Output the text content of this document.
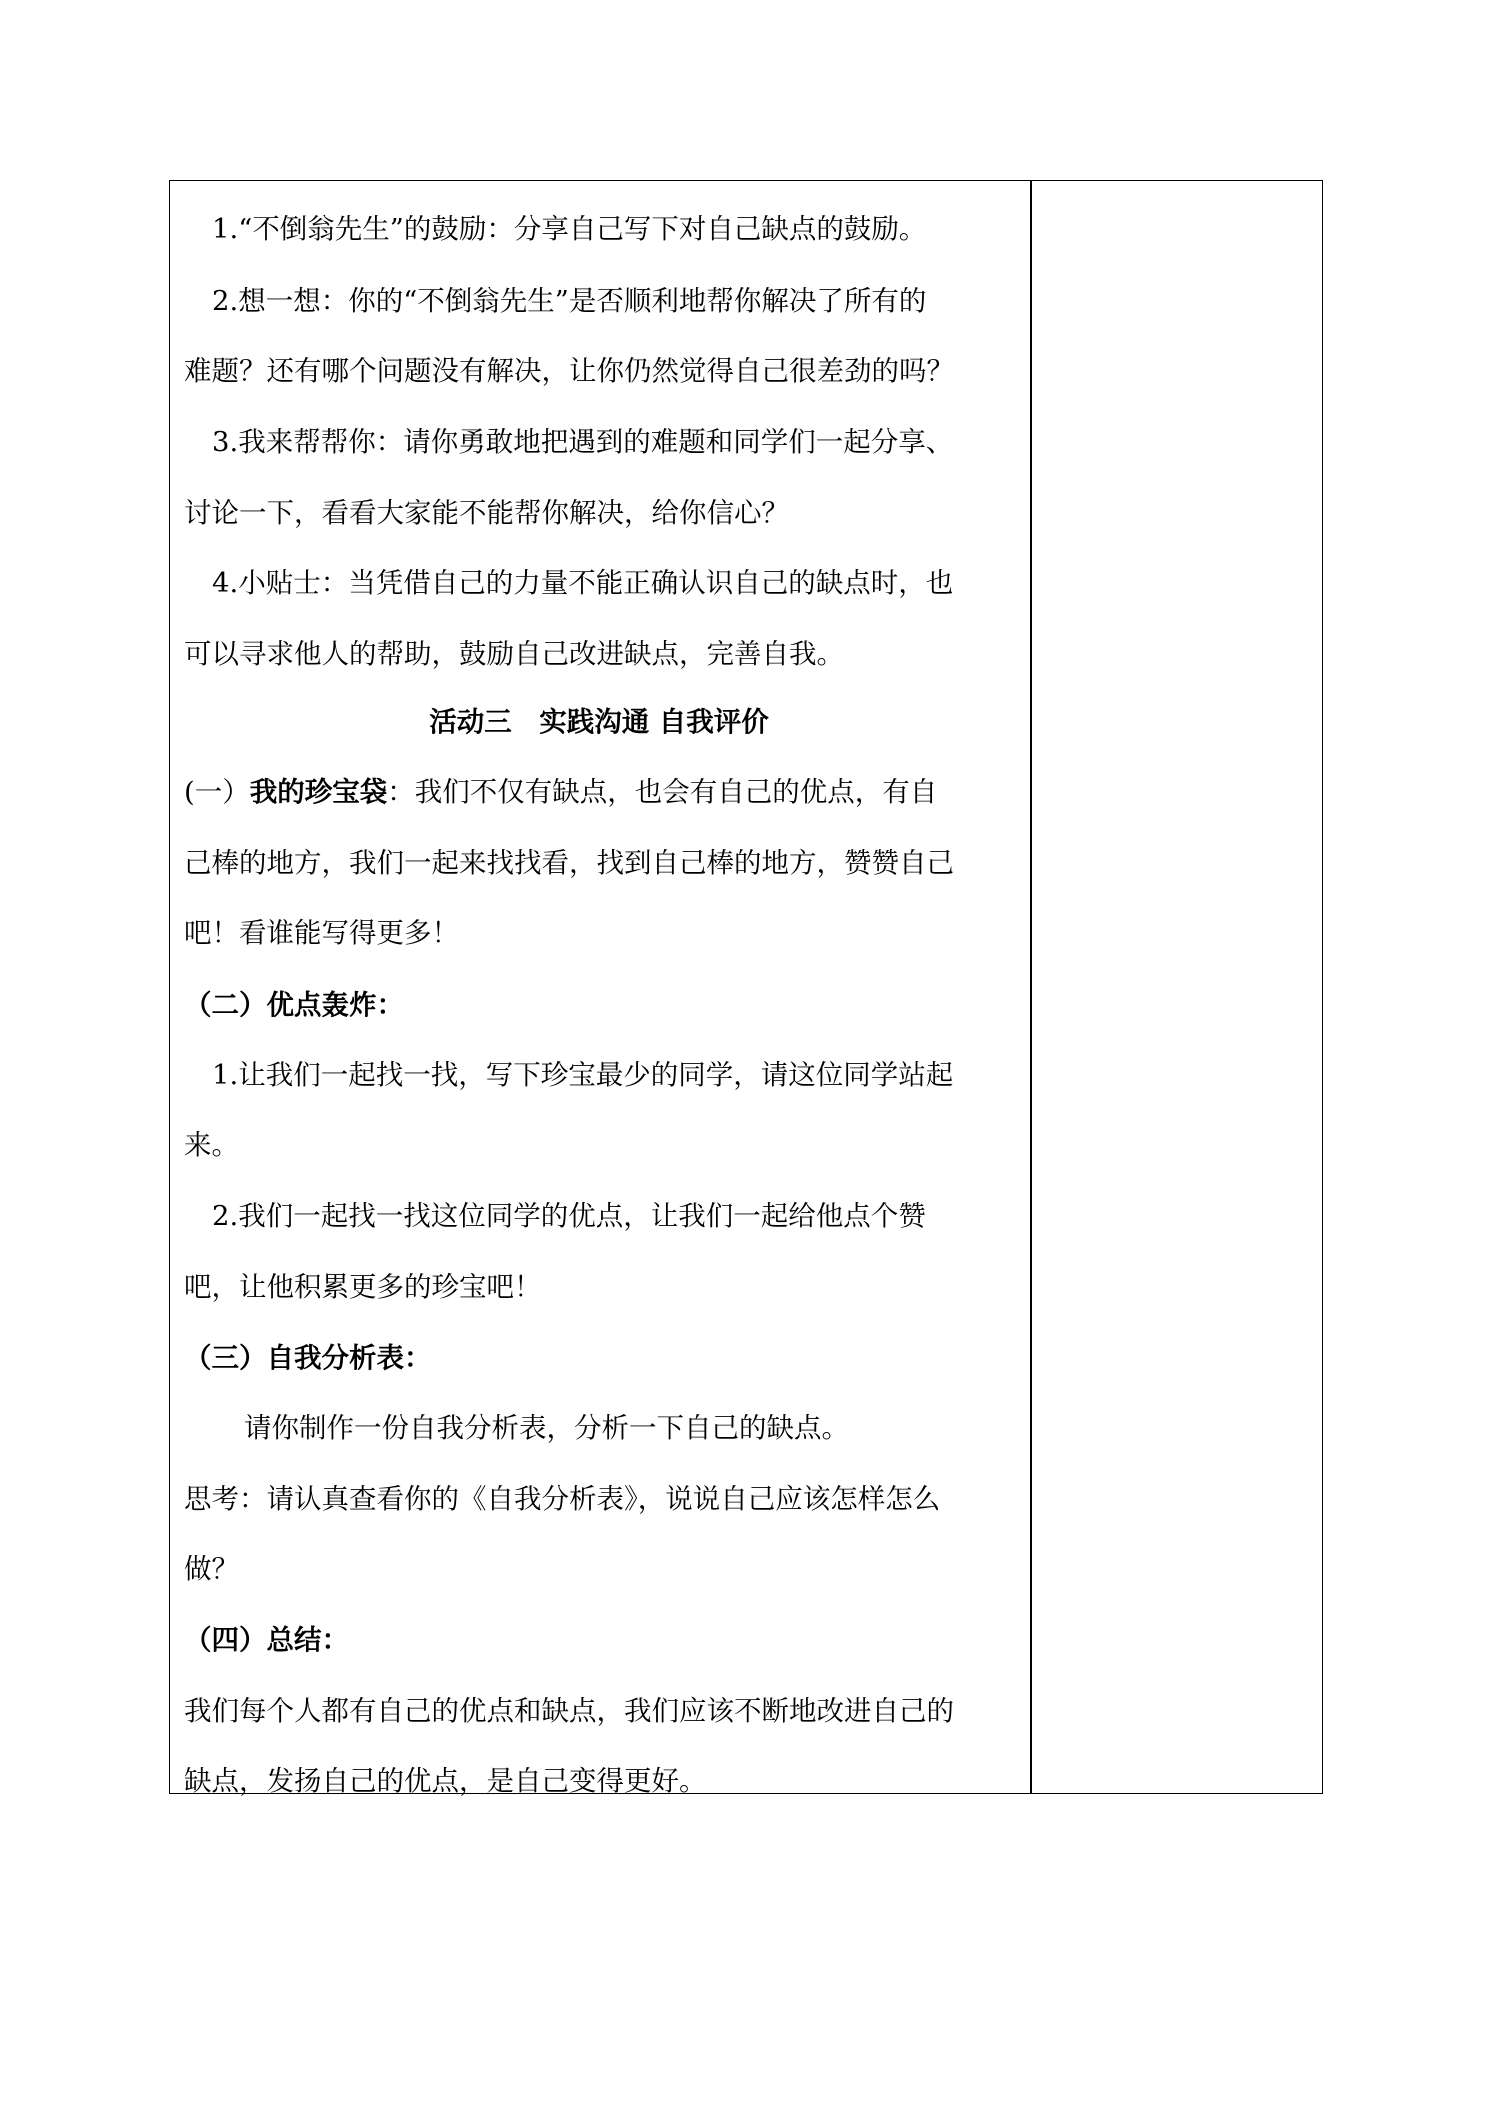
1.“不倒翁先生”的鼓励：分享自己写下对自己缺点的鼓励。
2.想一想：你的“不倒翁先生”是否顺利地帮你解决了所有的
难题？还有哪个问题没有解决，让你仍然觉得自己很差劲的吗？
3.我来帮帮你：请你勇敢地把遇到的难题和同学们一起分享、
讨论一下，看看大家能不能帮你解决，给你信心？
4.小贴士：当凭借自己的力量不能正确认识自己的缺点时，也
可以寻求他人的帮助，鼓励自己改进缺点，完善自我。
活动三　实践沟通 自我评价
(一）我的珍宝袋：我们不仅有缺点，也会有自己的优点，有自
己棒的地方，我们一起来找找看，找到自己棒的地方，赞赞自己
吧！看谁能写得更多！
（二）优点轰炸：
1.让我们一起找一找，写下珍宝最少的同学，请这位同学站起
来。
2.我们一起找一找这位同学的优点，让我们一起给他点个赞
吧，让他积累更多的珍宝吧！
（三）自我分析表：
请你制作一份自我分析表，分析一下自己的缺点。
思考：请认真查看你的《自我分析表》，说说自己应该怎样怎么
做？
（四）总结：
我们每个人都有自己的优点和缺点，我们应该不断地改进自己的
缺点，发扬自己的优点，是自己变得更好。
